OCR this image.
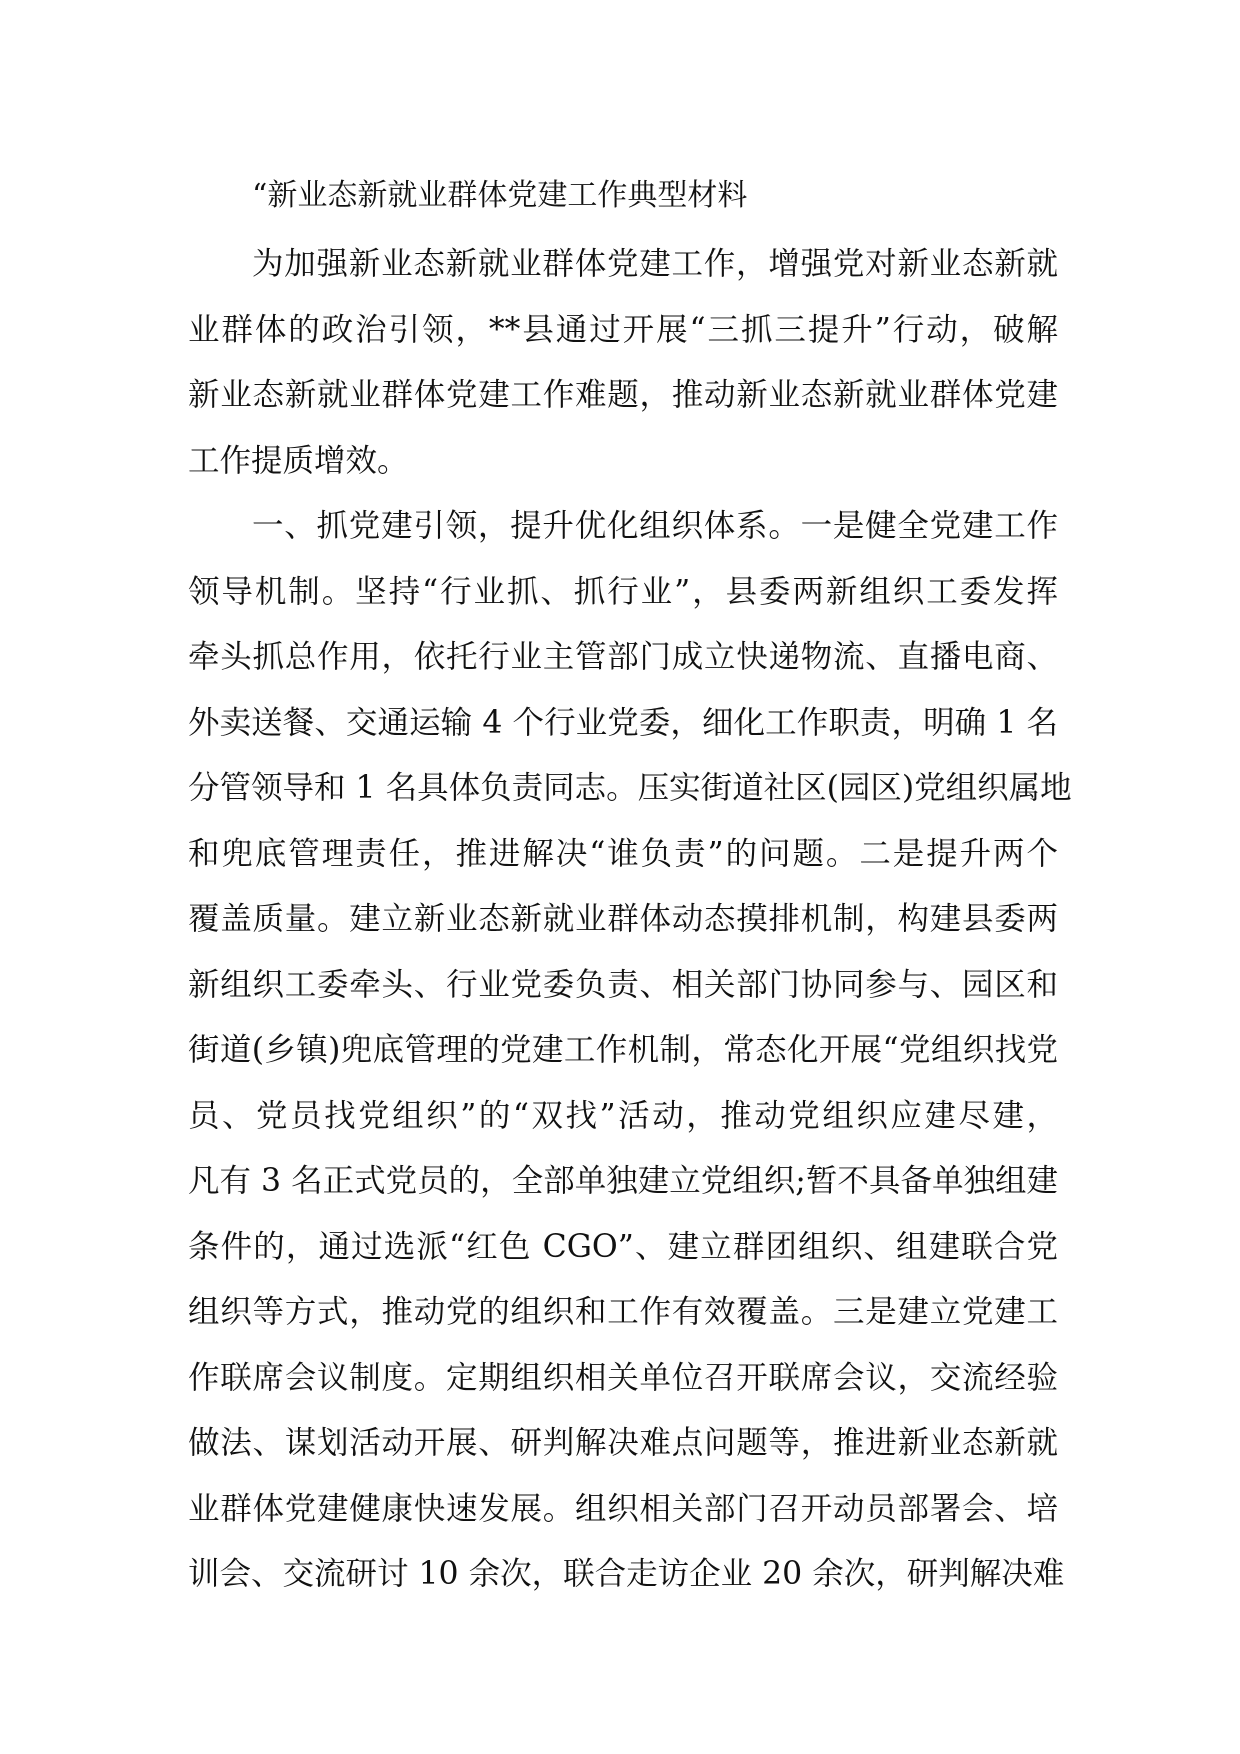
“新业态新就业群体党建工作典型材料
为加强新业态新就业群体党建工作，增强党对新业态新就
业群体的政治引领，**县通过开展“三抓三提升”行动，破解
新业态新就业群体党建工作难题，推动新业态新就业群体党建
工作提质增效。
一、抓党建引领，提升优化组织体系。一是健全党建工作
领导机制。坚持“行业抓、抓行业”，县委两新组织工委发挥
牵头抓总作用，依托行业主管部门成立快递物流、直播电商、
外卖送餐、交通运输 4 个行业党委，细化工作职责，明确 1 名
分管领导和 1 名具体负责同志。压实街道社区(园区)党组织属地
和兜底管理责任，推进解决“谁负责”的问题。二是提升两个
覆盖质量。建立新业态新就业群体动态摸排机制，构建县委两
新组织工委牵头、行业党委负责、相关部门协同参与、园区和
街道(乡镇)兜底管理的党建工作机制，常态化开展“党组织找党
员、党员找党组织”的“双找”活动，推动党组织应建尽建，
凡有 3 名正式党员的，全部单独建立党组织;暂不具备单独组建
条件的，通过选派“红色 CGO”、建立群团组织、组建联合党
组织等方式，推动党的组织和工作有效覆盖。三是建立党建工
作联席会议制度。定期组织相关单位召开联席会议，交流经验
做法、谋划活动开展、研判解决难点问题等，推进新业态新就
业群体党建健康快速发展。组织相关部门召开动员部署会、培
训会、交流研讨 10 余次，联合走访企业 20 余次，研判解决难
